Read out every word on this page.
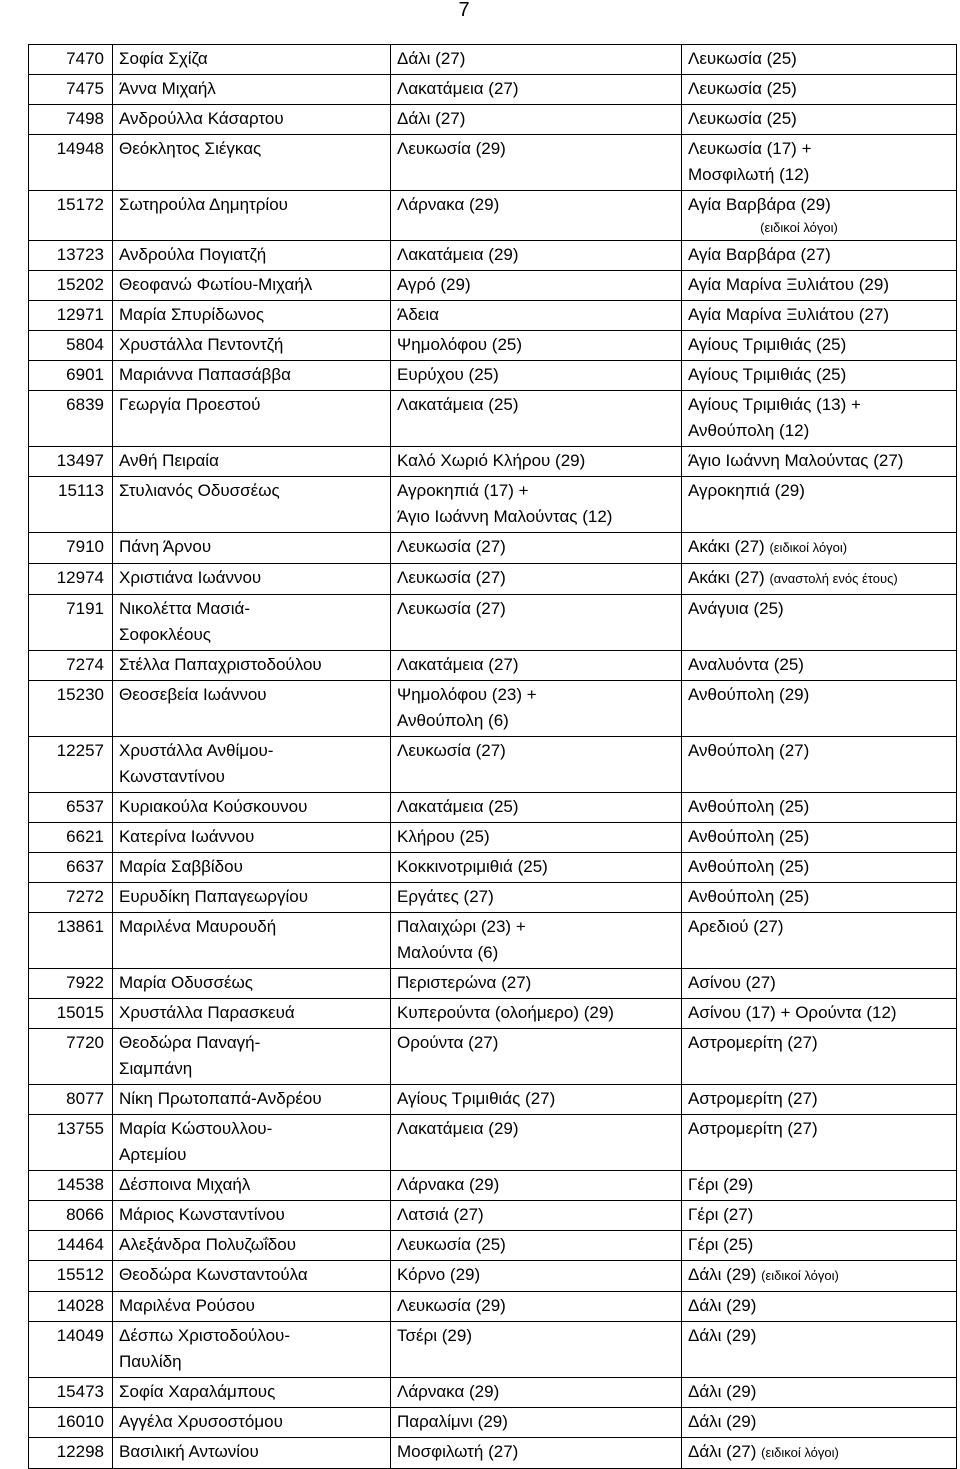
7
7470	Σοφία Σχίζα	Δάλι (27)	Λευκωσία (25)

7475	Άννα Μιχαήλ	Λακατάμεια (27)	Λευκωσία (25)

7498	Ανδρούλλα Κάσαρτου	Δάλι (27)	Λευκωσία (25)

14948	Θεόκλητος Σιέγκας	Λευκωσία (29)	Λευκωσία (17) +
Μοσφιλωτή (12)

15172	Σωτηρούλα Δημητρίου	Λάρνακα (29)	Αγία Βαρβάρα (29)
(ειδικοί λόγοι)

13723	Ανδρούλα Πογιατζή	Λακατάμεια (29)	Αγία Βαρβάρα (27)

15202	Θεοφανώ Φωτίου-Μιχαήλ	Αγρό (29)	Αγία Μαρίνα Ξυλιάτου (29)

12971	Μαρία Σπυρίδωνος	Άδεια	Αγία Μαρίνα Ξυλιάτου (27)

5804	Χρυστάλλα Πεντοντζή	Ψημολόφου (25)	Αγίους Τριμιθιάς (25)

6901	Μαριάννα Παπασάββα	Ευρύχου (25)	Αγίους Τριμιθιάς (25)

6839	Γεωργία Προεστού	Λακατάμεια (25)	Αγίους Τριμιθιάς (13) +
Ανθούπολη (12)

13497	Ανθή Πειραία	Καλό Χωριό Κλήρου (29)	Άγιο Ιωάννη Μαλούντας (27)

15113	Στυλιανός Οδυσσέως	Αγροκηπιά (17) +
Άγιο Ιωάννη Μαλούντας (12)	Αγροκηπιά (29)

7910	Πάνη Άρνου	Λευκωσία (27)	Ακάκι (27) (ειδικοί λόγοι)

12974	Χριστιάνα Ιωάννου	Λευκωσία (27)	Ακάκι (27) (αναστολή ενός έτους)

7191	Νικολέττα Μασιά-
Σοφοκλέους	Λευκωσία (27)	Ανάγυια (25)

7274	Στέλλα Παπαχριστοδούλου	Λακατάμεια (27)	Αναλυόντα (25)

15230	Θεοσεβεία Ιωάννου	Ψημολόφου (23) +
Ανθούπολη (6)	Ανθούπολη (29)

12257	Χρυστάλλα Ανθίμου-
Κωνσταντίνου	Λευκωσία (27)	Ανθούπολη (27)

6537	Κυριακούλα Κούσκουνου	Λακατάμεια (25)	Ανθούπολη (25)

6621	Κατερίνα Ιωάννου	Κλήρου (25)	Ανθούπολη (25)

6637	Μαρία Σαββίδου	Κοκκινοτριμιθιά (25)	Ανθούπολη (25)

7272	Ευρυδίκη Παπαγεωργίου	Εργάτες (27)	Ανθούπολη (25)

13861	Μαριλένα Μαυρουδή	Παλαιχώρι (23) +
Μαλούντα (6)	Αρεδιού (27)

7922	Μαρία Οδυσσέως	Περιστερώνα (27)	Ασίνου (27)

15015	Χρυστάλλα Παρασκευά	Κυπερούντα (ολοήμερο) (29)	Ασίνου (17) + Ορούντα (12)

7720	Θεοδώρα Παναγή-
Σιαμπάνη	Ορούντα (27)	Αστρομερίτη (27)

8077	Νίκη Πρωτοπαπά-Ανδρέου	Αγίους Τριμιθιάς (27)	Αστρομερίτη (27)

13755	Μαρία Κώστουλλου-
Αρτεμίου	Λακατάμεια (29)	Αστρομερίτη (27)

14538	Δέσποινα Μιχαήλ	Λάρνακα (29)	Γέρι (29)

8066	Μάριος Κωνσταντίνου	Λατσιά (27)	Γέρι (27)

14464	Αλεξάνδρα Πολυζωΐδου	Λευκωσία (25)	Γέρι (25)

15512	Θεοδώρα Κωνσταντούλα	Κόρνο (29)	Δάλι (29) (ειδικοί λόγοι)

14028	Μαριλένα Ρούσου	Λευκωσία (29)	Δάλι (29)

14049	Δέσπω Χριστοδούλου-
Παυλίδη	Τσέρι (29)	Δάλι (29)

15473	Σοφία Χαραλάμπους	Λάρνακα (29)	Δάλι (29)

16010	Αγγέλα Χρυσοστόμου	Παραλίμνι (29)	Δάλι (29)

12298	Βασιλική Αντωνίου	Μοσφιλωτή (27)	Δάλι (27) (ειδικοί λόγοι)
